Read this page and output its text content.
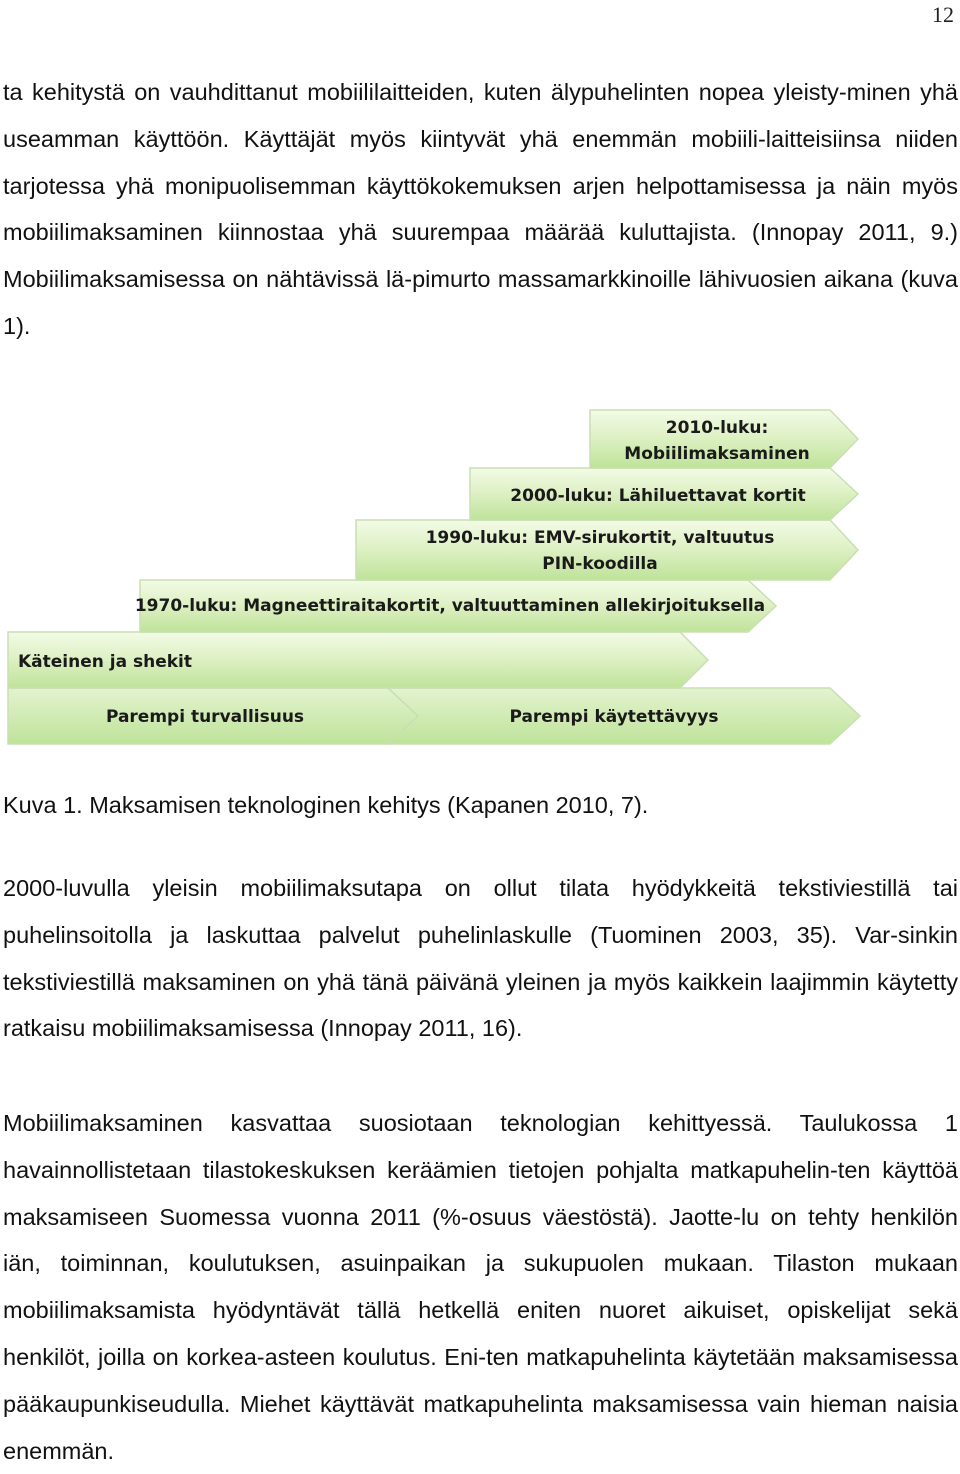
12

ta kehitystä on vauhdittanut mobiililaitteiden, kuten älypuhelinten nopea yleisty-minen yhä useamman käyttöön. Käyttäjät myös kiintyvät yhä enemmän mobiili-laitteisiinsa niiden tarjotessa yhä monipuolisemman käyttökokemuksen arjen helpottamisessa ja näin myös mobiilimaksaminen kiinnostaa yhä suurempaa määrää kuluttajista. (Innopay 2011, 9.) Mobiilimaksamisessa on nähtävissä lä-pimurto massamarkkinoille lähivuosien aikana (kuva 1).

2010-luku:
Mobiilimaksaminen
2000-luku: Lähiluettavat kortit
1990-luku: EMV-sirukortit, valtuutus
PIN-koodilla
1970-luku: Magneettiraitakortit, valtuuttaminen allekirjoituksella
Käteinen ja shekit
Parempi turvallisuus	Parempi käytettävyys
Kuva 1. Maksamisen teknologinen kehitys (Kapanen 2010, 7).

2000-luvulla yleisin mobiilimaksutapa on ollut tilata hyödykkeitä tekstiviestillä tai puhelinsoitolla ja laskuttaa palvelut puhelinlaskulle (Tuominen 2003, 35). Var-sinkin tekstiviestillä maksaminen on yhä tänä päivänä yleinen ja myös kaikkein laajimmin käytetty ratkaisu mobiilimaksamisessa (Innopay 2011, 16).

Mobiilimaksaminen kasvattaa suosiotaan teknologian kehittyessä. Taulukossa 1 havainnollistetaan tilastokeskuksen keräämien tietojen pohjalta matkapuhelin-ten käyttöä maksamiseen Suomessa vuonna 2011 (%-osuus väestöstä). Jaotte-lu on tehty henkilön iän, toiminnan, koulutuksen, asuinpaikan ja sukupuolen mukaan. Tilaston mukaan mobiilimaksamista hyödyntävät tällä hetkellä eniten nuoret aikuiset, opiskelijat sekä henkilöt, joilla on korkea-asteen koulutus. Eni-ten matkapuhelinta käytetään maksamisessa pääkaupunkiseudulla. Miehet käyttävät matkapuhelinta maksamisessa vain hieman naisia enemmän.
